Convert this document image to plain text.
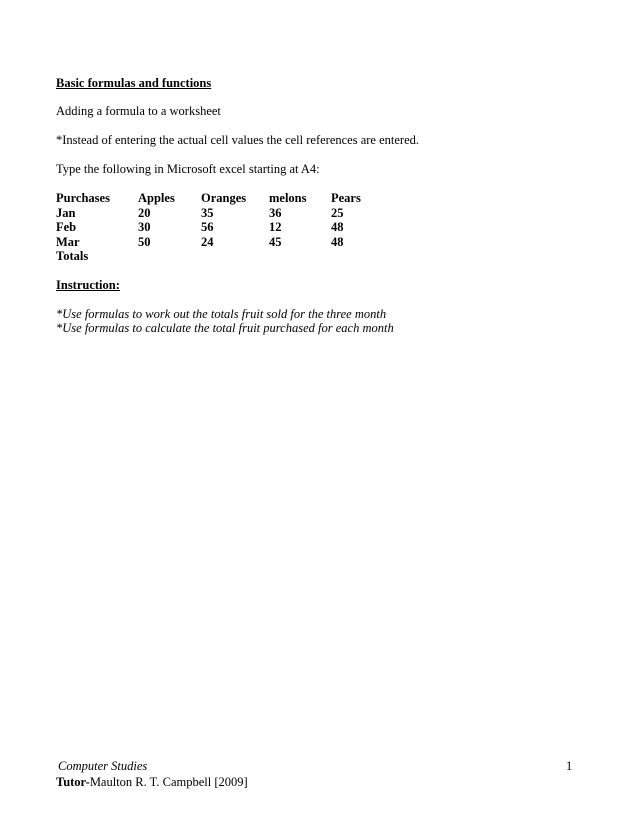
Basic formulas and functions
Adding a formula to a worksheet
*Instead of entering the actual cell values the cell references are entered.
Type the following in Microsoft excel starting at A4:
Purchases	Apples	Oranges	melons	Pears
Jan	20	35	36	25
Feb	30	56	12	48
Mar	50	24	45	48
Totals				
Instruction:
*Use formulas to work out the totals fruit sold for the three month
*Use formulas to calculate the total fruit purchased for each month
Computer Studies	1
Tutor-Maulton R. T. Campbell [2009]
